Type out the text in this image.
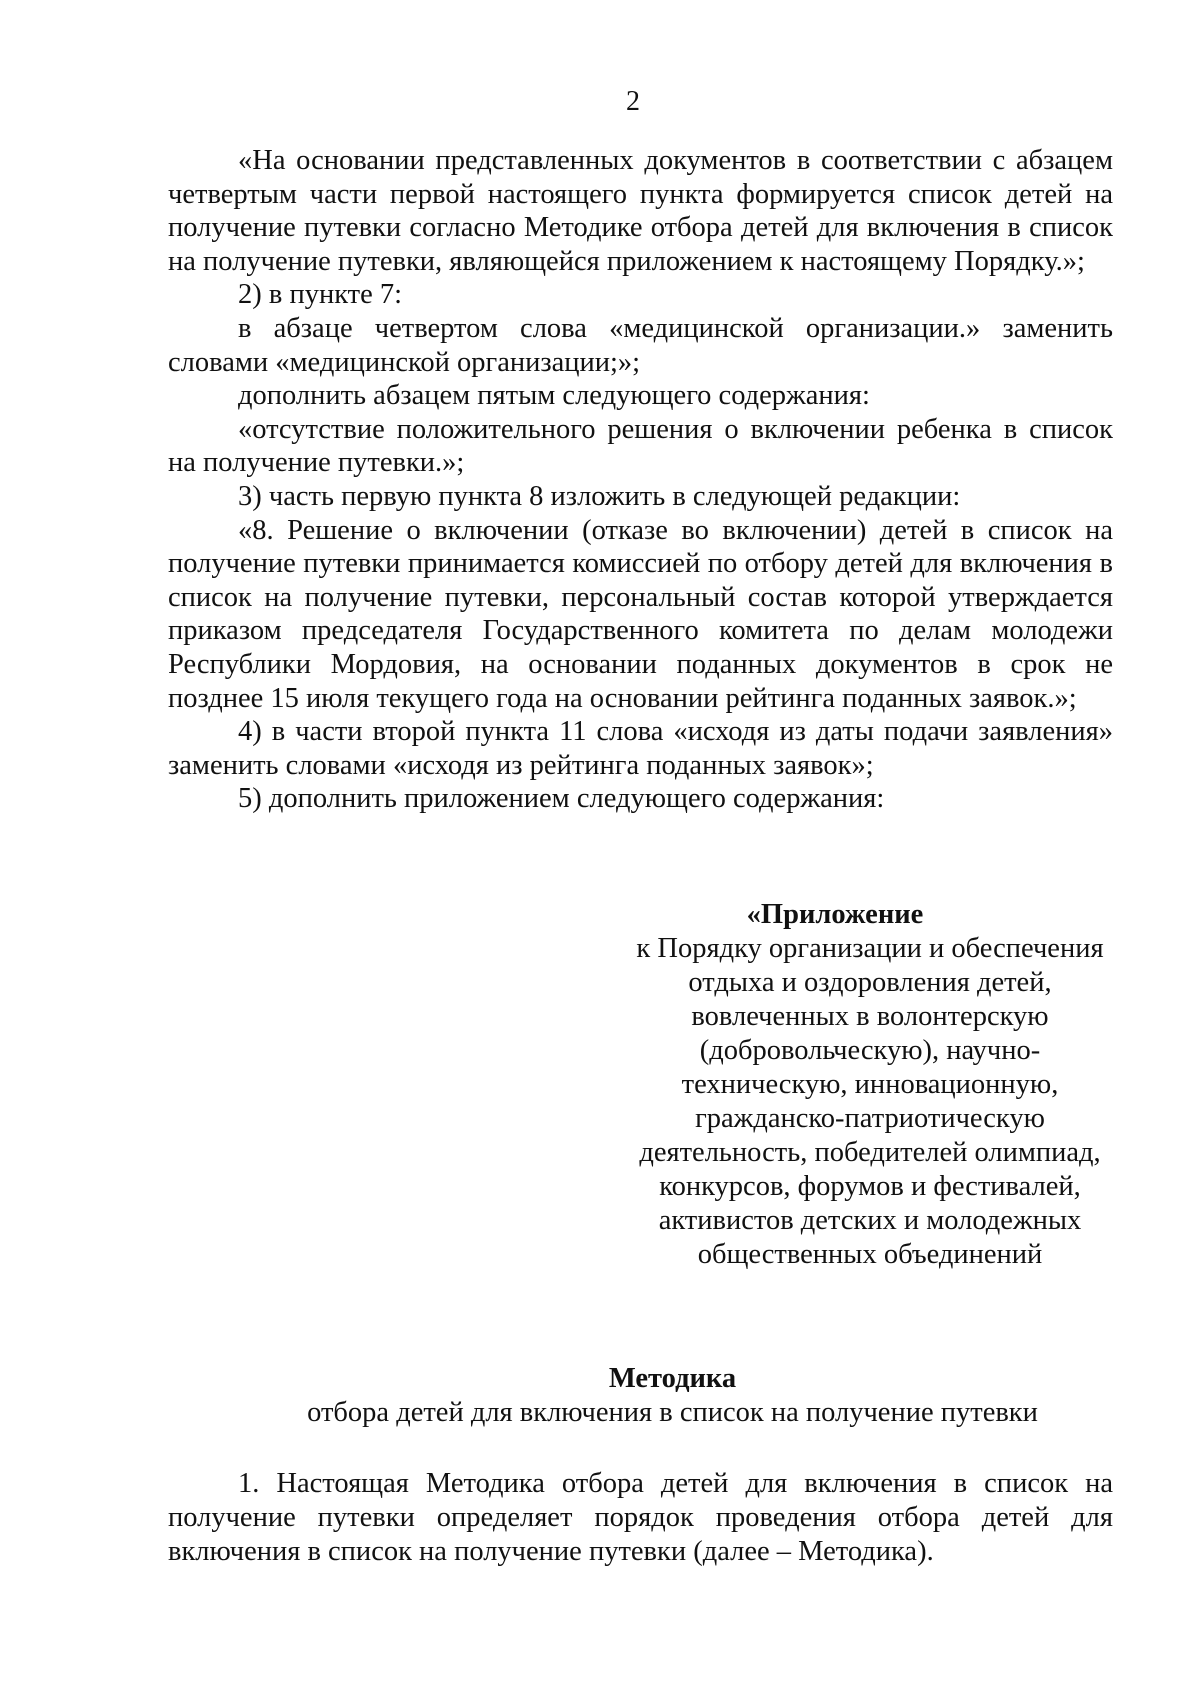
2

«На основании представленных документов в соответствии с абзацем четвертым части первой настоящего пункта формируется список детей на получение путевки согласно Методике отбора детей для включения в список на получение путевки, являющейся приложением к настоящему Порядку.»;

2) в пункте 7:

в абзаце четвертом слова «медицинской организации.» заменить словами «медицинской организации;»;

дополнить абзацем пятым следующего содержания:

«отсутствие положительного решения о включении ребенка в список на получение путевки.»;

3) часть первую пункта 8 изложить в следующей редакции:

«8. Решение о включении (отказе во включении) детей в список на получение путевки принимается комиссией по отбору детей для включения в список на получение путевки, персональный состав которой утверждается приказом председателя Государственного комитета по делам молодежи Республики Мордовия, на основании поданных документов в срок не позднее 15 июля текущего года на основании рейтинга поданных заявок.»;

4) в части второй пункта 11 слова «исходя из даты подачи заявления» заменить словами «исходя из рейтинга поданных заявок»;

5) дополнить приложением следующего содержания:

«Приложение
к Порядку организации и обеспечения
отдыха и оздоровления детей,
вовлеченных в волонтерскую
(добровольческую), научно-
техническую, инновационную,
гражданско-патриотическую
деятельность, победителей олимпиад,
конкурсов, форумов и фестивалей,
активистов детских и молодежных
общественных объединений
Методика
отбора детей для включения в список на получение путевки

1. Настоящая Методика отбора детей для включения в список на получение путевки определяет порядок проведения отбора детей для включения в список на получение путевки (далее – Методика).
